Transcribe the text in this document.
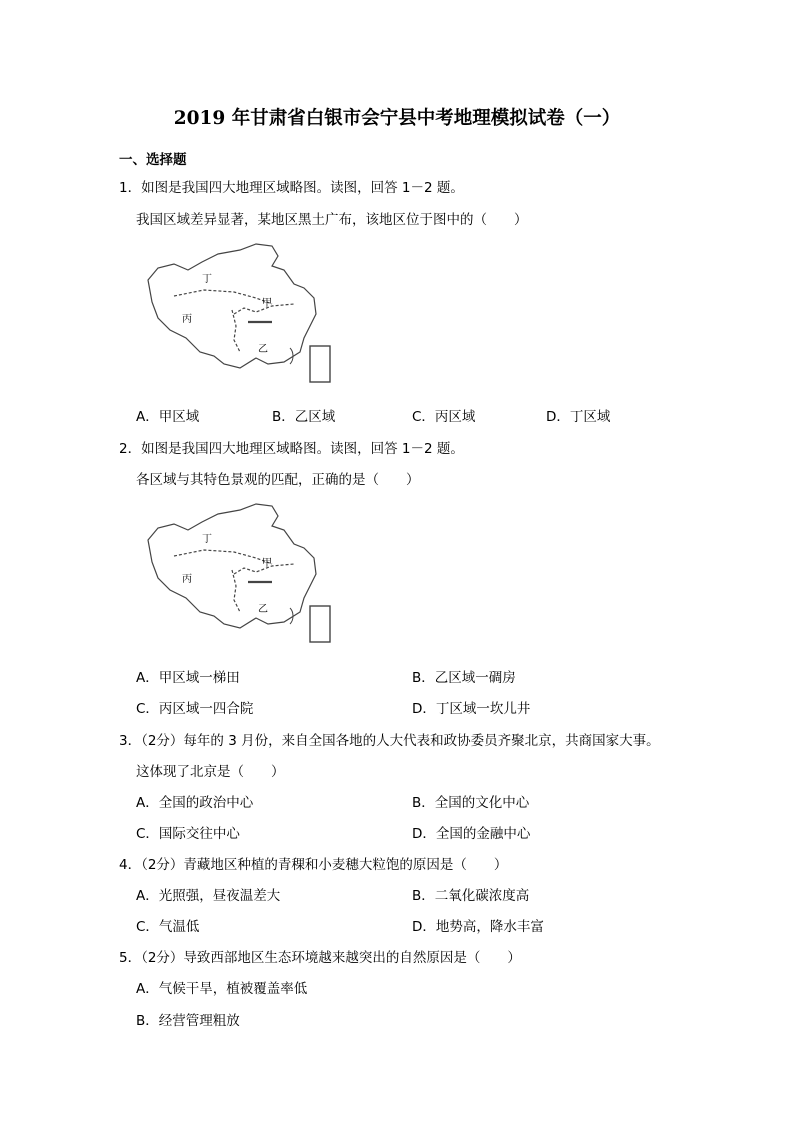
2019 年甘肃省白银市会宁县中考地理模拟试卷（一）
一、选择题
1．如图是我国四大地理区域略图。读图，回答 1－2 题。
我国区域差异显著，某地区黑土广布，该地区位于图中的（　　）
丁
甲
丙
乙
A．甲区域	B．乙区域	C．丙区域	D．丁区域
2．如图是我国四大地理区域略图。读图，回答 1－2 题。
各区域与其特色景观的匹配，正确的是（　　）
丁
甲
丙
乙
A．甲区域一梯田	B．乙区域一碉房
C．丙区域一四合院	D．丁区域一坎儿井
3．（2分）每年的 3 月份，来自全国各地的人大代表和政协委员齐聚北京，共商国家大事。
这体现了北京是（　　）
A．全国的政治中心	B．全国的文化中心
C．国际交往中心	D．全国的金融中心
4．（2分）青藏地区种植的青稞和小麦穗大粒饱的原因是（　　）
A．光照强，昼夜温差大	B．二氧化碳浓度高
C．气温低	D．地势高，降水丰富
5．（2分）导致西部地区生态环境越来越突出的自然原因是（　　）
A．气候干旱，植被覆盖率低
B．经营管理粗放
